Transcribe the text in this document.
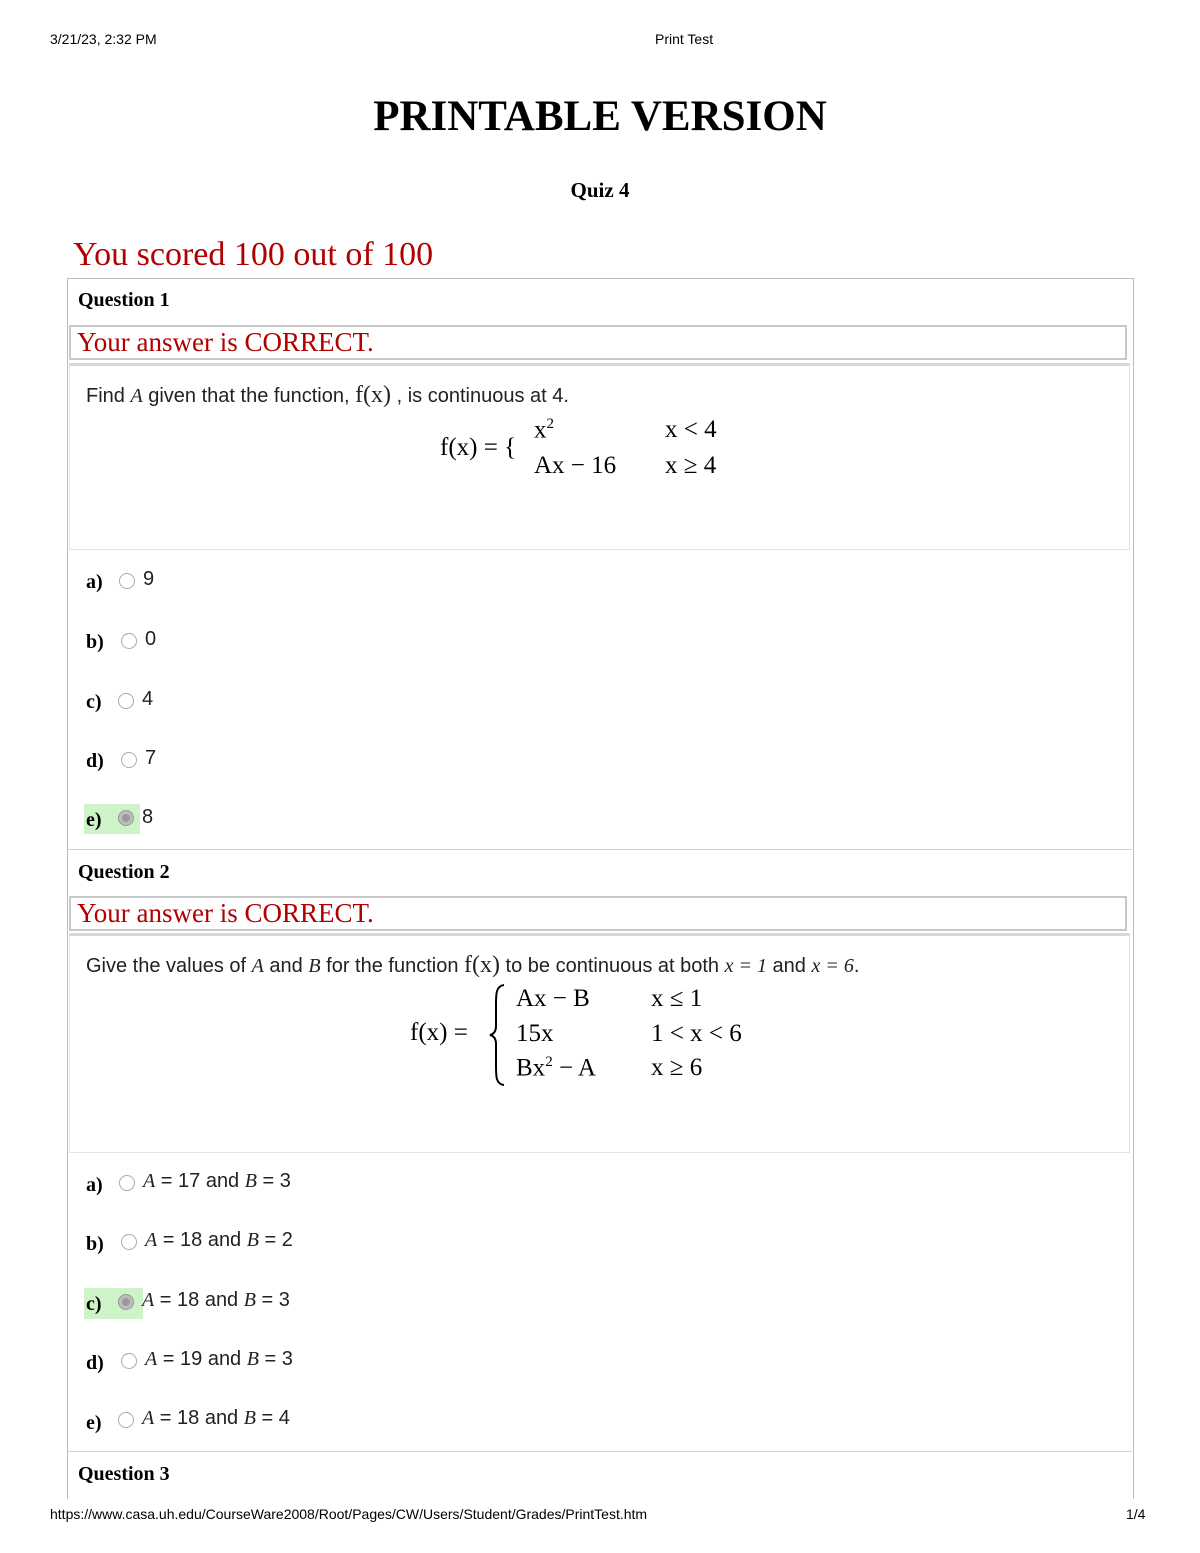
3/21/23, 2:32 PM	Print Test
PRINTABLE VERSION
Quiz 4
You scored 100 out of 100
Question 1
Your answer is CORRECT.
Find A given that the function, f(x) , is continuous at 4.
f(x) = {
$x^2$	x < 4
Ax − 16 x ≥ 4
a) 9
b) 0
c) 4
d) 7
e) 8
Question 2
Your answer is CORRECT.
Give the values of A and B for the function f(x) to be continuous at both x = 1 and x = 6.
f(x) =
Ax − B x ≤ 1
15x	1 < x < 6
$Bx^2 - A$ x ≥ 6
a) A = 17 and B = 3
b) A = 18 and B = 2
c) A = 18 and B = 3
d) A = 19 and B = 3
e) A = 18 and B = 4
Question 3
https://www.casa.uh.edu/CourseWare2008/Root/Pages/CW/Users/Student/Grades/PrintTest.htm	1/4
